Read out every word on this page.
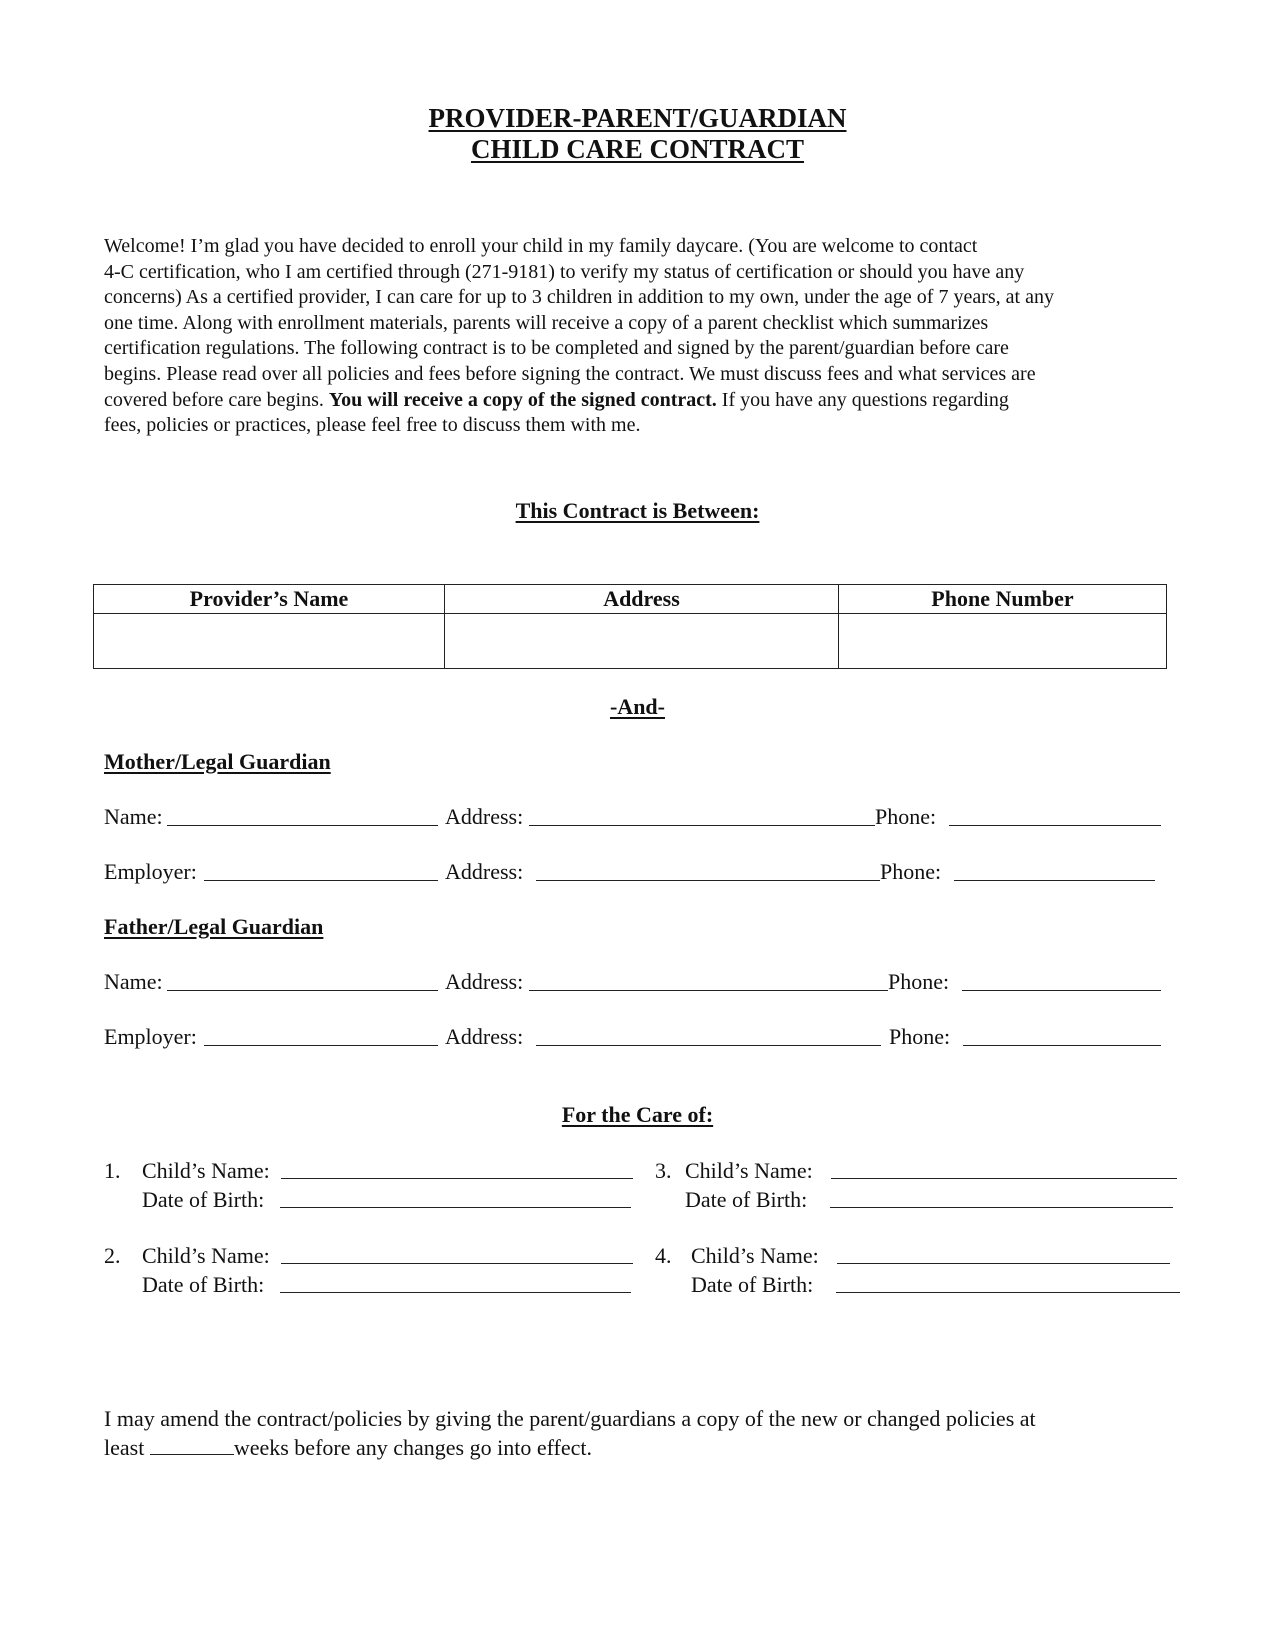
PROVIDER-PARENT/GUARDIAN
CHILD CARE CONTRACT

Welcome! I’m glad you have decided to enroll your child in my family daycare. (You are welcome to contact
4-C certification, who I am certified through (271-9181) to verify my status of certification or should you have any
concerns) As a certified provider, I can care for up to 3 children in addition to my own, under the age of 7 years, at any
one time. Along with enrollment materials, parents will receive a copy of a parent checklist which summarizes
certification regulations. The following contract is to be completed and signed by the parent/guardian before care
begins. Please read over all policies and fees before signing the contract. We must discuss fees and what services are
covered before care begins. You will receive a copy of the signed contract. If you have any questions regarding
fees, policies or practices, please feel free to discuss them with me.

This Contract is Between:
Provider’s Name	Address	Phone Number

-And-
Mother/Legal Guardian
Name:	Address:	Phone:
Employer:	Address:	Phone:
Father/Legal Guardian
Name:	Address:	Phone:
Employer:	Address:	Phone:
For the Care of:
1. Child’s Name:
Date of Birth:
2. Child’s Name:
Date of Birth:
3. Child’s Name:
Date of Birth:
4. Child’s Name:
Date of Birth:

I may amend the contract/policies by giving the parent/guardians a copy of the new or changed policies at
least	weeks before any changes go into effect.
